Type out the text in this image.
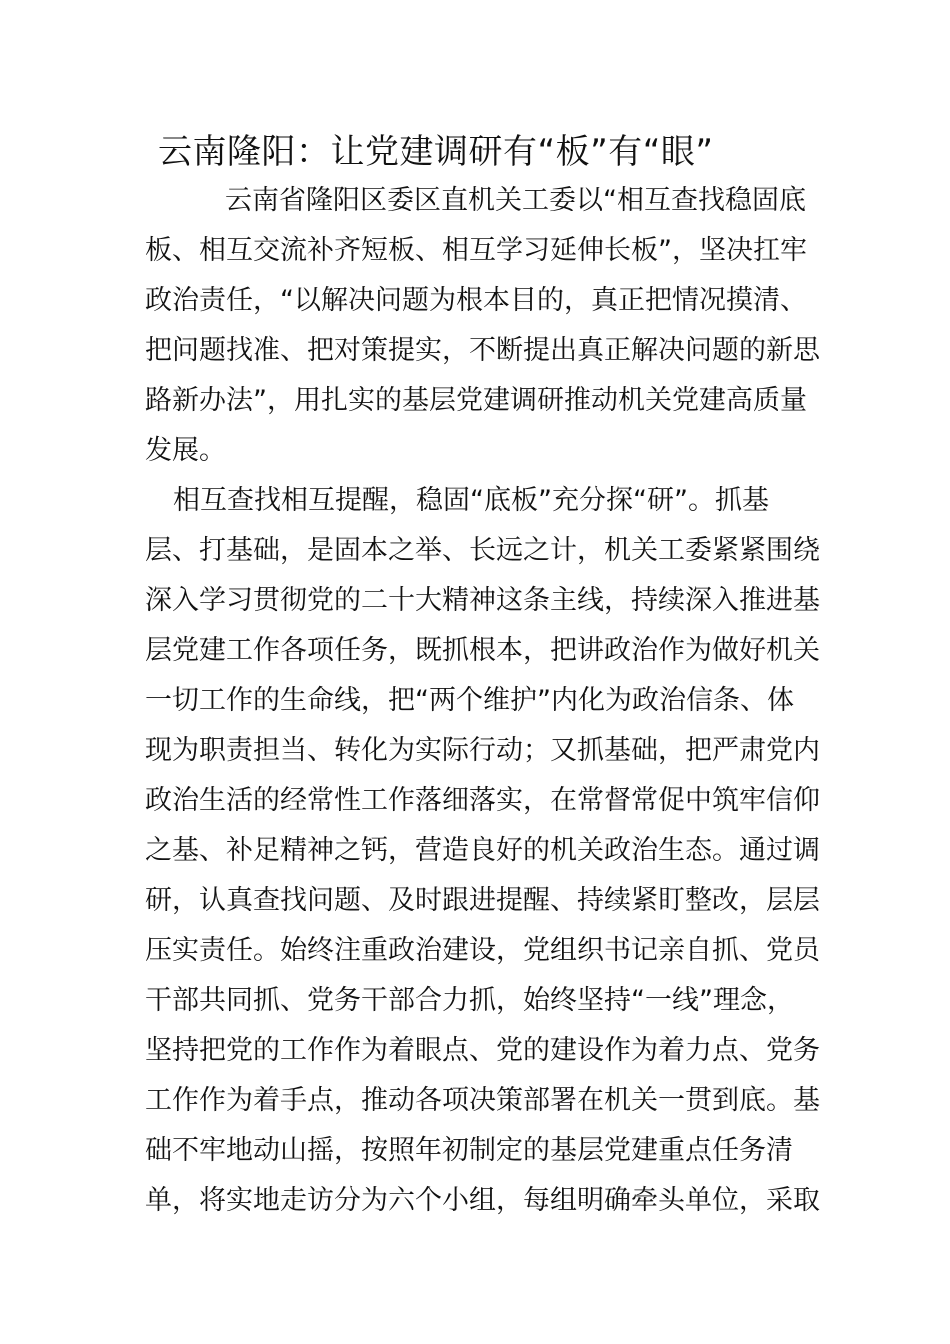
云南隆阳：让党建调研有“板”有“眼”
云南省隆阳区委区直机关工委以“相互查找稳固底
板、相互交流补齐短板、相互学习延伸长板”，坚决扛牢
政治责任，“以解决问题为根本目的，真正把情况摸清、
把问题找准、把对策提实，不断提出真正解决问题的新思
路新办法”，用扎实的基层党建调研推动机关党建高质量
发展。
相互查找相互提醒，稳固“底板”充分探“研”。抓基
层、打基础，是固本之举、长远之计，机关工委紧紧围绕
深入学习贯彻党的二十大精神这条主线，持续深入推进基
层党建工作各项任务，既抓根本，把讲政治作为做好机关
一切工作的生命线，把“两个维护”内化为政治信条、体
现为职责担当、转化为实际行动；又抓基础，把严肃党内
政治生活的经常性工作落细落实，在常督常促中筑牢信仰
之基、补足精神之钙，营造良好的机关政治生态。通过调
研，认真查找问题、及时跟进提醒、持续紧盯整改，层层
压实责任。始终注重政治建设，党组织书记亲自抓、党员
干部共同抓、党务干部合力抓，始终坚持“一线”理念，
坚持把党的工作作为着眼点、党的建设作为着力点、党务
工作作为着手点，推动各项决策部署在机关一贯到底。基
础不牢地动山摇，按照年初制定的基层党建重点任务清
单，将实地走访分为六个小组，每组明确牵头单位，采取
